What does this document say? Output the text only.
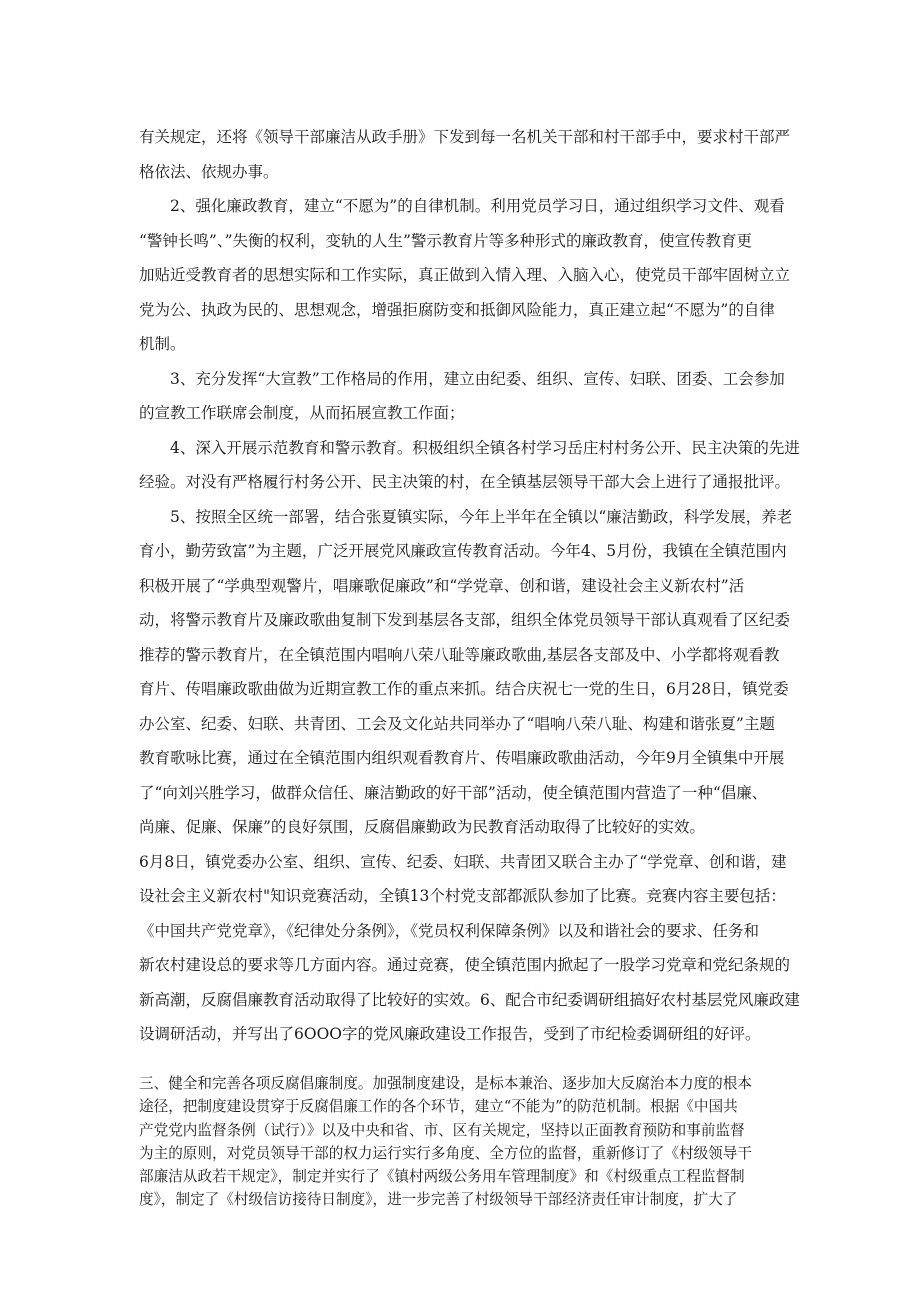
有关规定，还将《领导干部廉洁从政手册》下发到每一名机关干部和村干部手中，要求村干部严

格依法、依规办事。

　　2、强化廉政教育，建立“不愿为”的自律机制。利用党员学习日，通过组织学习文件、观看

“警钟长鸣”、”失衡的权利，变轨的人生”警示教育片等多种形式的廉政教育，使宣传教育更

加贴近受教育者的思想实际和工作实际，真正做到入情入理、入脑入心，使党员干部牢固树立立

党为公、执政为民的、思想观念，增强拒腐防变和抵御风险能力，真正建立起“不愿为”的自律

机制。

　　3、充分发挥“大宣教”工作格局的作用，建立由纪委、组织、宣传、妇联、团委、工会参加

的宣教工作联席会制度，从而拓展宣教工作面；

　　4、深入开展示范教育和警示教育。积极组织全镇各村学习岳庄村村务公开、民主决策的先进

经验。对没有严格履行村务公开、民主决策的村，在全镇基层领导干部大会上进行了通报批评。

　　5、按照全区统一部署，结合张夏镇实际，今年上半年在全镇以“廉洁勤政，科学发展，养老

育小，勤劳致富”为主题，广泛开展党风廉政宣传教育活动。今年4、5月份，我镇在全镇范围内

积极开展了“学典型观警片，唱廉歌促廉政”和“学党章、创和谐，建设社会主义新农村”活

动，将警示教育片及廉政歌曲复制下发到基层各支部，组织全体党员领导干部认真观看了区纪委

推荐的警示教育片，在全镇范围内唱响八荣八耻等廉政歌曲,基层各支部及中、小学都将观看教

育片、传唱廉政歌曲做为近期宣教工作的重点来抓。结合庆祝七一党的生日，6月28日，镇党委

办公室、纪委、妇联、共青团、工会及文化站共同举办了“唱响八荣八耻、构建和谐张夏”主题

教育歌咏比赛，通过在全镇范围内组织观看教育片、传唱廉政歌曲活动，今年9月全镇集中开展

了“向刘兴胜学习，做群众信任、廉洁勤政的好干部”活动，使全镇范围内营造了一种“倡廉、

尚廉、促廉、保廉”的良好氛围，反腐倡廉勤政为民教育活动取得了比较好的实效。

6月8日，镇党委办公室、组织、宣传、纪委、妇联、共青团又联合主办了“学党章、创和谐，建

设社会主义新农村"知识竞赛活动，全镇13个村党支部都派队参加了比赛。竞赛内容主要包括：

《中国共产党党章》，《纪律处分条例》，《党员权利保障条例》以及和谐社会的要求、任务和

新农村建设总的要求等几方面内容。通过竞赛，使全镇范围内掀起了一股学习党章和党纪条规的

新高潮，反腐倡廉教育活动取得了比较好的实效。6、配合市纪委调研组搞好农村基层党风廉政建

设调研活动，并写出了6OOO字的党风廉政建设工作报告，受到了市纪检委调研组的好评。

三、健全和完善各项反腐倡廉制度。加强制度建设，是标本兼治、逐步加大反腐治本力度的根本

途径，把制度建设贯穿于反腐倡廉工作的各个环节，建立“不能为”的防范机制。根据《中国共

产党党内监督条例（试行）》以及中央和省、市、区有关规定，坚持以正面教育预防和事前监督

为主的原则，对党员领导干部的权力运行实行多角度、全方位的监督，重新修订了《村级领导干

部廉洁从政若干规定》，制定并实行了《镇村两级公务用车管理制度》和《村级重点工程监督制

度》，制定了《村级信访接待日制度》，进一步完善了村级领导干部经济责任审计制度，扩大了
